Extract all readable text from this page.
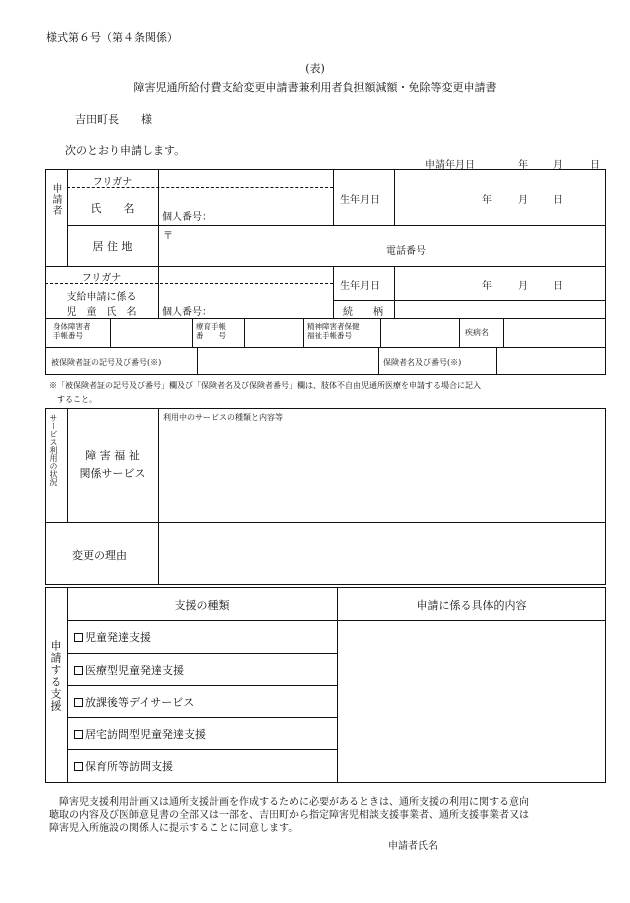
様式第６号（第４条関係）
(表)
障害児通所給付費支給変更申請書兼利用者負担額減額・免除等変更申請書
吉田町長　　様
次のとおり申請します。
申請年月日	年	月	日
申請者
フリガナ
氏　　名
個人番号：
生年月日	年	月	日
〒
居 住 地	電話番号
フリガナ
支給申請に係る
児　童　氏　名	個人番号：
生年月日	年	月	日
続　　柄
身体障害者
手帳番号
療育手帳
番　　号
精神障害者保健
福祉手帳番号	疾病名
被保険者証の記号及び番号(※)	保険者名及び番号(※)
※「被保険者証の記号及び番号」欄及び「保険者名及び保険者番号」欄は、肢体不自由児通所医療を申請する場合に記入
　すること。
サービス利用の状況	障 害 福 祉
関係サービス
利用中のサービスの種類と内容等
変更の理由
申請する支援
支援の種類	申請に係る具体的内容
児童発達支援
医療型児童発達支援
放課後等デイサービス
居宅訪問型児童発達支援
保育所等訪問支援
　障害児支援利用計画又は通所支援計画を作成するために必要があるときは、通所支援の利用に関する意向
聴取の内容及び医師意見書の全部又は一部を、吉田町から指定障害児相談支援事業者、通所支援事業者又は
障害児入所施設の関係人に提示することに同意します。
申請者氏名
